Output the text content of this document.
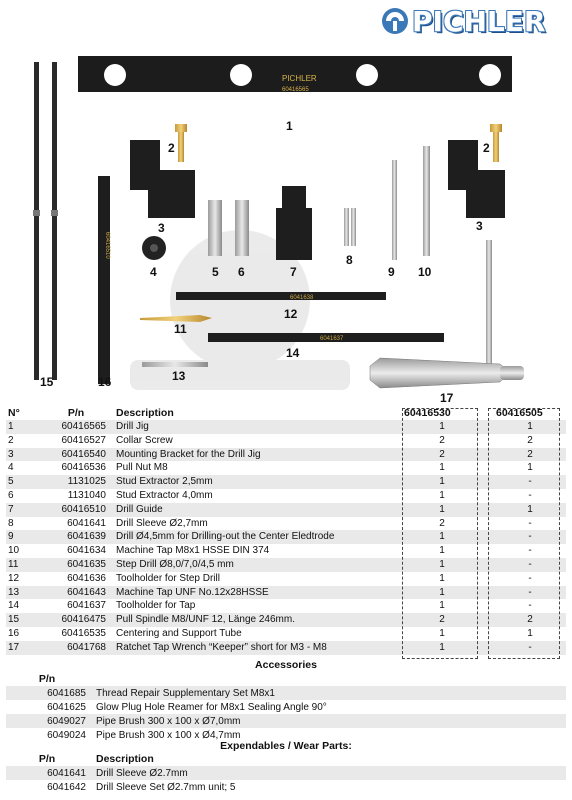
PICHLER
PICHLER
60416565
60416510
6041638
6041637
1
2	2
3	3
4	5 6	7
8
9 10
11
12
13
14
15	16
17
N°	P/n	Description	60416530		60416505
1	60416565	Drill Jig	1		1
2	60416527	Collar Screw	2		2
3	60416540	Mounting Bracket for the Drill Jig	2		2
4	60416536	Pull Nut M8	1		1
5	1131025	Stud Extractor 2,5mm	1		-
6	1131040	Stud Extractor 4,0mm	1		-
7	60416510	Drill Guide	1		1
8	6041641	Drill Sleeve Ø2,7mm	2		-
9	6041639	Drill Ø4,5mm for Drilling-out the Center Eledtrode	1		-
10	6041634	Machine Tap M8x1 HSSE DIN 374	1		-
11	6041635	Step Drill Ø8,0/7,0/4,5 mm	1		-
12	6041636	Toolholder for Step Drill	1		-
13	6041643	Machine Tap UNF No.12x28HSSE	1		-
14	6041637	Toolholder for Tap	1		-
15	60416475	Pull Spindle M8/UNF 12, Länge 246mm.	2		2
16	60416535	Centering and Support Tube	1		1
17	6041768	Ratchet Tap Wrench “Keeper” short for M3 - M8	1		-
Accessories
P/n	
6041685	Thread Repair Supplementary Set M8x1
6041625	Glow Plug Hole Reamer for M8x1 Sealing Angle 90°
6049027	Pipe Brush 300 x 100 x Ø7,0mm
6049024	Pipe Brush 300 x 100 x Ø4,7mm
Expendables / Wear Parts:
P/n	Description
6041641	Drill Sleeve Ø2.7mm
6041642	Drill Sleeve Set Ø2.7mm unit; 5
